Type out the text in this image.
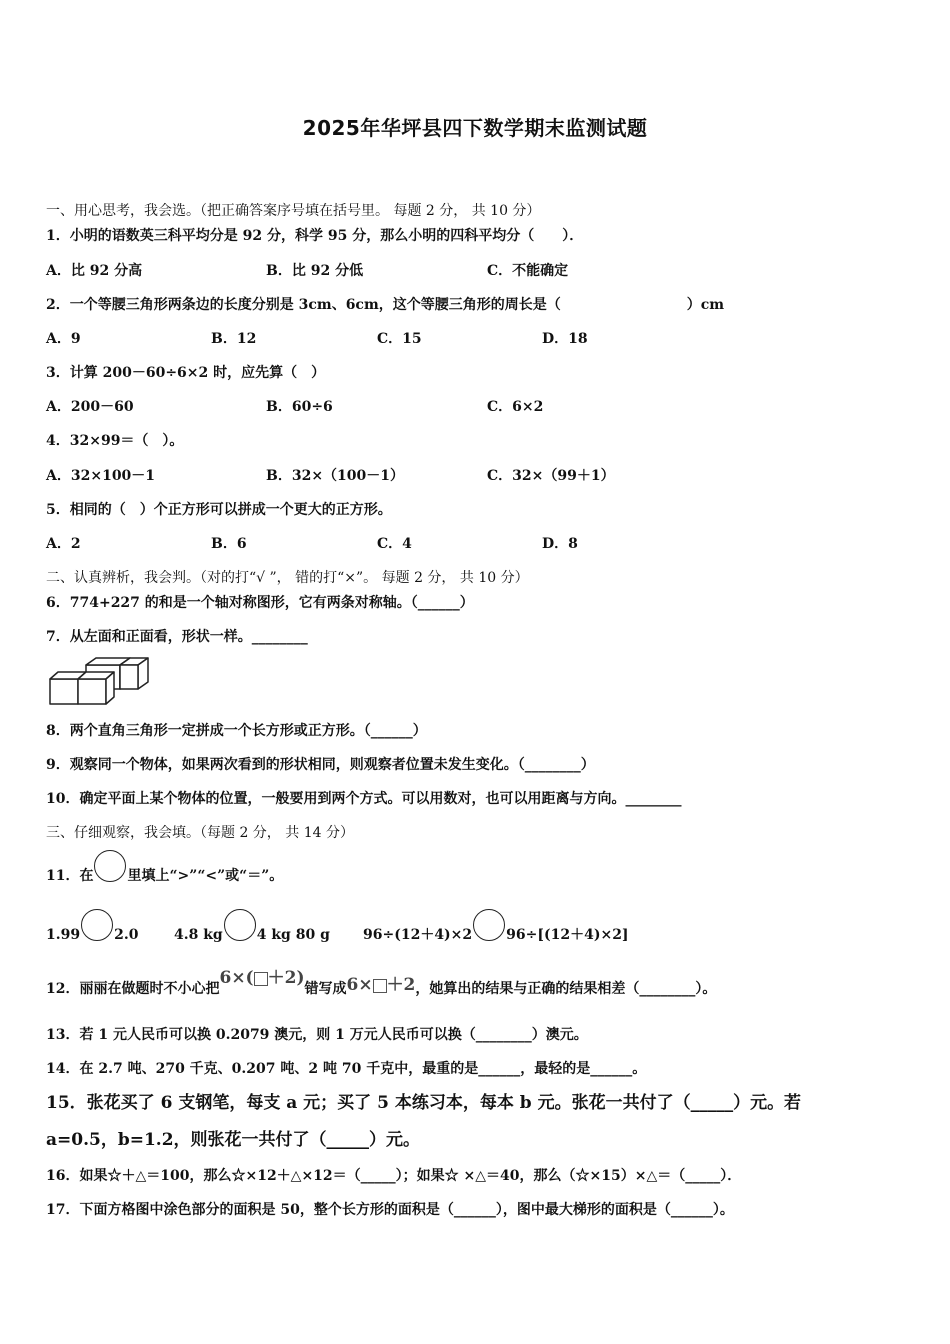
2025年华坪县四下数学期末监测试题
一、用心思考，我会选。（把正确答案序号填在括号里。 每题 2 分， 共 10 分）
1．小明的语数英三科平均分是 92 分，科学 95 分，那么小明的四科平均分（　　）．
A．比 92 分高	B．比 92 分低	C．不能确定
2．一个等腰三角形两条边的长度分别是 3cm、6cm，这个等腰三角形的周长是（　　　　　　　　　）cm
A．9	B．12	C．15	D．18
3．计算 200－60÷6×2 时，应先算（　）
A．200－60	B．60÷6	C．6×2
4．32×99＝（　）。
A．32×100－1	B．32×（100－1）	C．32×（99＋1）
5．相同的（　）个正方形可以拼成一个更大的正方形。
A．2	B．6	C．4	D．8
二、认真辨析，我会判。（对的打“√ ”， 错的打“×”。 每题 2 分， 共 10 分）
6．774+227 的和是一个轴对称图形，它有两条对称轴。（______）
7．从左面和正面看，形状一样。________
8．两个直角三角形一定拼成一个长方形或正方形。（______）
9．观察同一个物体，如果两次看到的形状相同，则观察者位置未发生变化。（________）
10．确定平面上某个物体的位置，一般要用到两个方式。可以用数对，也可以用距离与方向。________
三、仔细观察，我会填。（每题 2 分， 共 14 分）
11．在 里填上“>”“<”或“＝”。
1.99 2.0	4.8 kg 4 kg 80 g 96÷(12＋4)×2 96÷[(12＋4)×2]
12．丽丽在做题时不小心把6×( ＋2)错写成6× ＋2，她算出的结果与正确的结果相差（________）。
13．若 1 元人民币可以换 0.2079 澳元，则 1 万元人民币可以换（________）澳元。
14．在 2.7 吨、270 千克、0.207 吨、2 吨 70 千克中，最重的是______，最轻的是______。
15．张花买了 6 支钢笔，每支 a 元；买了 5 本练习本，每本 b 元。张花一共付了（_____）元。若
a=0.5，b=1.2，则张花一共付了（_____）元。
16．如果☆＋△＝100，那么☆×12＋△×12＝（_____）；如果☆ ×△＝40，那么（☆×15）×△＝（_____）．
17．下面方格图中涂色部分的面积是 50，整个长方形的面积是（______），图中最大梯形的面积是（______）。
